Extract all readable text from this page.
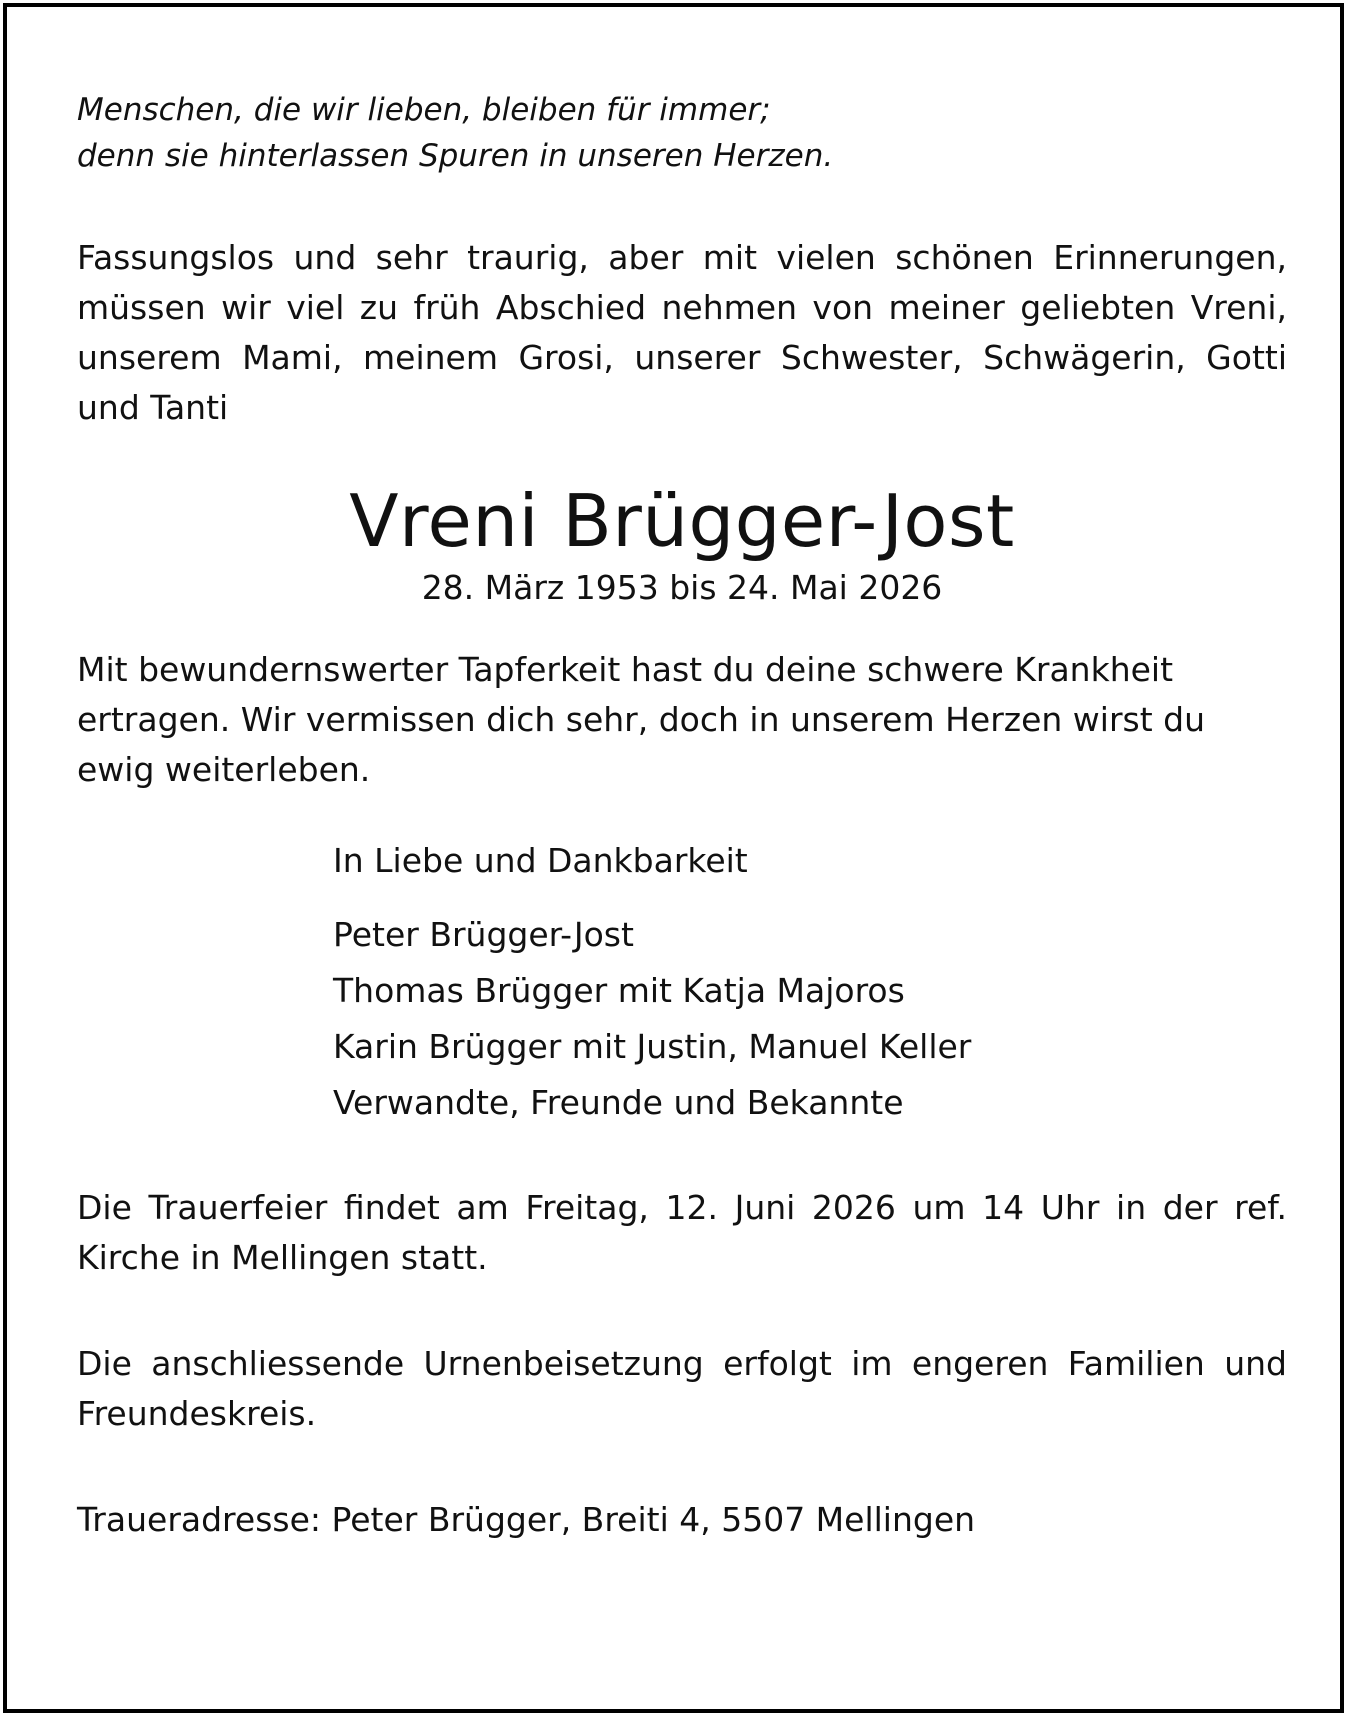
Menschen, die wir lieben, bleiben für immer;
denn sie hinterlassen Spuren in unseren Herzen.

Fassungslos und sehr traurig, aber mit vielen schönen Erinnerungen, müssen wir viel zu früh Abschied nehmen von meiner geliebten Vreni, unserem Mami, meinem Grosi, unserer Schwester, Schwägerin, Gotti und Tanti

Vreni Brügger-Jost
28. März 1953 bis 24. Mai 2026
Mit bewundernswerter Tapferkeit hast du deine schwere Krankheit ertragen. Wir vermissen dich sehr, doch in unserem Herzen wirst du ewig weiterleben.
In Liebe und Dankbarkeit
Peter Brügger-Jost
Thomas Brügger mit Katja Majoros
Karin Brügger mit Justin, Manuel Keller
Verwandte, Freunde und Bekannte
Die Trauerfeier findet am Freitag, 12. Juni 2026 um 14 Uhr in der ref. Kirche in Mellingen statt.
Die anschliessende Urnenbeisetzung erfolgt im engeren Familien und Freundeskreis.
Traueradresse: Peter Brügger, Breiti 4, 5507 Mellingen
